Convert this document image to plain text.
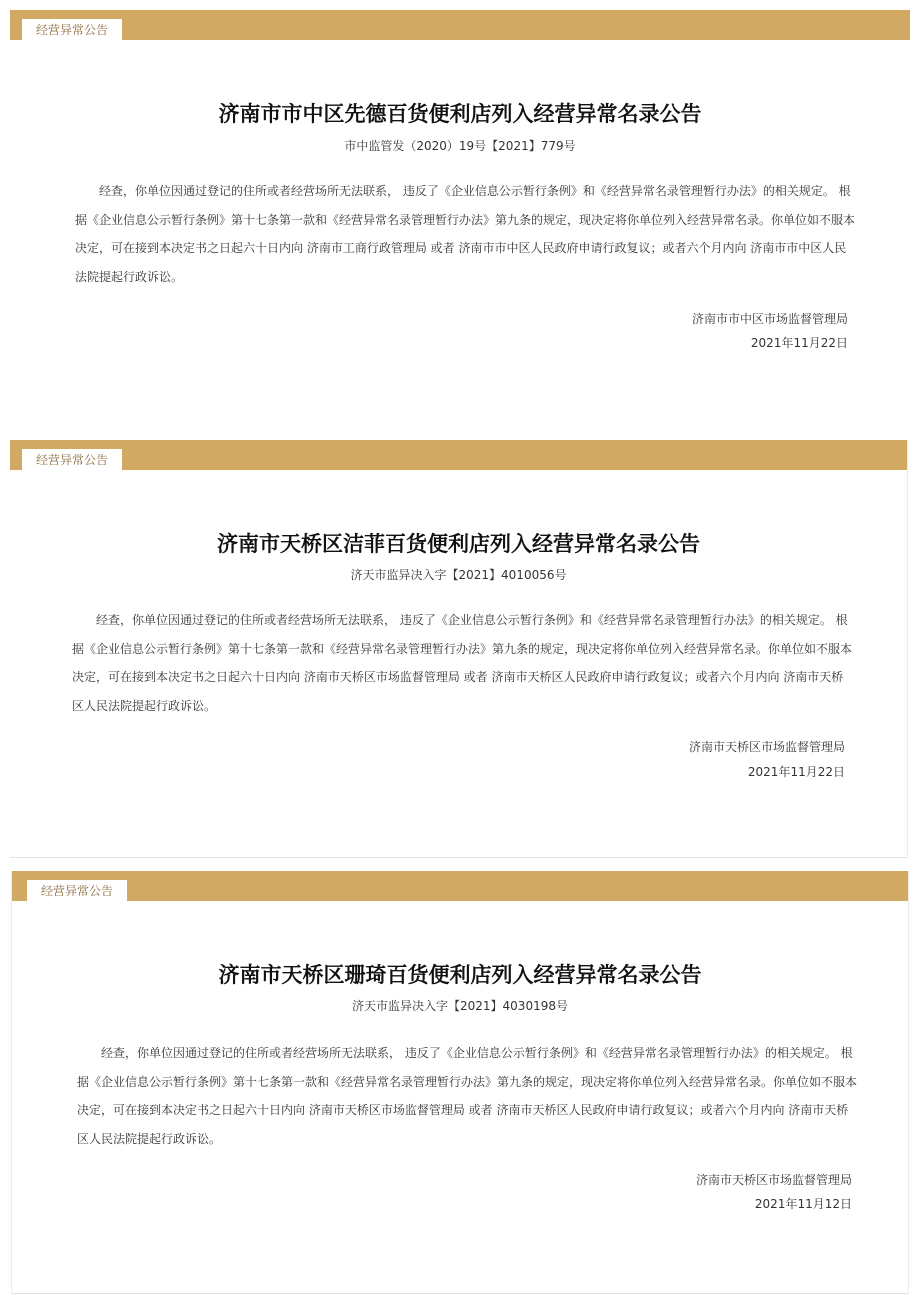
经营异常公告
济南市市中区先德百货便利店列入经营异常名录公告
市中监管发（2020）19号【2021】779号

经查，你单位因通过登记的住所或者经营场所无法联系， 违反了《企业信息公示暂行条例》和《经营异常名录管理暂行办法》的相关规定。 根据《企业信息公示暂行条例》第十七条第一款和《经营异常名录管理暂行办法》第九条的规定，现决定将你单位列入经营异常名录。你单位如不服本决定，可在接到本决定书之日起六十日内向 济南市工商行政管理局 或者 济南市市中区人民政府申请行政复议；或者六个月内向 济南市市中区人民法院提起行政诉讼。

济南市市中区市场监督管理局
2021年11月22日
经营异常公告
济南市天桥区洁菲百货便利店列入经营异常名录公告
济天市监异决入字【2021】4010056号

经查，你单位因通过登记的住所或者经营场所无法联系， 违反了《企业信息公示暂行条例》和《经营异常名录管理暂行办法》的相关规定。 根据《企业信息公示暂行条例》第十七条第一款和《经营异常名录管理暂行办法》第九条的规定，现决定将你单位列入经营异常名录。你单位如不服本决定，可在接到本决定书之日起六十日内向 济南市天桥区市场监督管理局 或者 济南市天桥区人民政府申请行政复议；或者六个月内向 济南市天桥区人民法院提起行政诉讼。

济南市天桥区市场监督管理局
2021年11月22日
经营异常公告
济南市天桥区珊琦百货便利店列入经营异常名录公告
济天市监异决入字【2021】4030198号

经查，你单位因通过登记的住所或者经营场所无法联系， 违反了《企业信息公示暂行条例》和《经营异常名录管理暂行办法》的相关规定。 根据《企业信息公示暂行条例》第十七条第一款和《经营异常名录管理暂行办法》第九条的规定，现决定将你单位列入经营异常名录。你单位如不服本决定，可在接到本决定书之日起六十日内向 济南市天桥区市场监督管理局 或者 济南市天桥区人民政府申请行政复议；或者六个月内向 济南市天桥区人民法院提起行政诉讼。

济南市天桥区市场监督管理局
2021年11月12日
